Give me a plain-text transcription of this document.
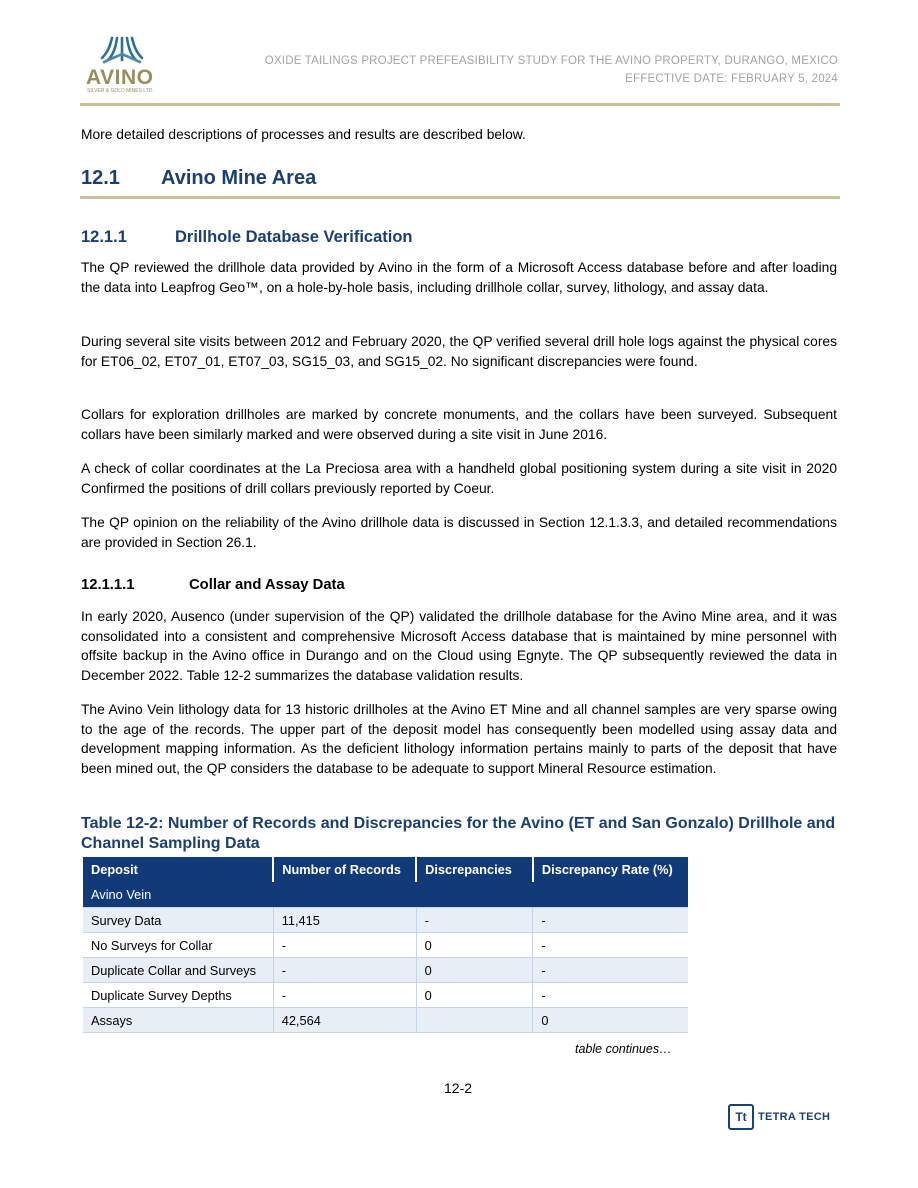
AVINO
SILVER & GOLD MINES LTD.
OXIDE TAILINGS PROJECT PREFEASIBILITY STUDY FOR THE AVINO PROPERTY, DURANGO, MEXICO
EFFECTIVE DATE: FEBRUARY 5, 2024
More detailed descriptions of processes and results are described below.
12.1 Avino Mine Area
12.1.1	Drillhole Database Verification
The QP reviewed the drillhole data provided by Avino in the form of a Microsoft Access database before and after loading the data into Leapfrog Geo™, on a hole-by-hole basis, including drillhole collar, survey, lithology, and assay data.
During several site visits between 2012 and February 2020, the QP verified several drill hole logs against the physical cores for ET06_02, ET07_01, ET07_03, SG15_03, and SG15_02. No significant discrepancies were found.
Collars for exploration drillholes are marked by concrete monuments, and the collars have been surveyed. Subsequent collars have been similarly marked and were observed during a site visit in June 2016.
A check of collar coordinates at the La Preciosa area with a handheld global positioning system during a site visit in 2020 Confirmed the positions of drill collars previously reported by Coeur.
The QP opinion on the reliability of the Avino drillhole data is discussed in Section 12.1.3.3, and detailed recommendations are provided in Section 26.1.
12.1.1.1	Collar and Assay Data
In early 2020, Ausenco (under supervision of the QP) validated the drillhole database for the Avino Mine area, and it was consolidated into a consistent and comprehensive Microsoft Access database that is maintained by mine personnel with offsite backup in the Avino office in Durango and on the Cloud using Egnyte. The QP subsequently reviewed the data in December 2022. Table 12-2 summarizes the database validation results.
The Avino Vein lithology data for 13 historic drillholes at the Avino ET Mine and all channel samples are very sparse owing to the age of the records. The upper part of the deposit model has consequently been modelled using assay data and development mapping information. As the deficient lithology information pertains mainly to parts of the deposit that have been mined out, the QP considers the database to be adequate to support Mineral Resource estimation.
Table 12-2: Number of Records and Discrepancies for the Avino (ET and San Gonzalo) Drillhole and Channel Sampling Data
Deposit	Number of Records	Discrepancies	Discrepancy Rate (%)
Avino Vein			
Survey Data	11,415	-	-
No Surveys for Collar	-	0	-
Duplicate Collar and Surveys	-	0	-
Duplicate Survey Depths	-	0	-
Assays	42,564		0
table continues…
12-2
Tt TETRA TECH
